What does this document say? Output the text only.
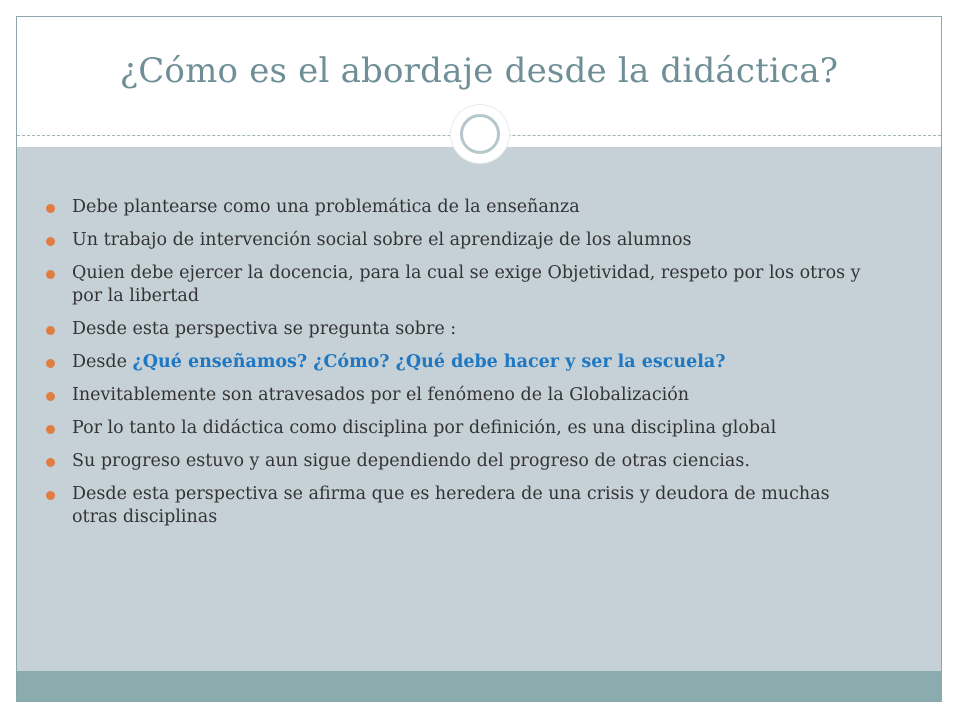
¿Cómo es el abordaje desde la didáctica?
Debe plantearse como una problemática de la enseñanza
Un trabajo de intervención social sobre el aprendizaje de los alumnos
Quien debe ejercer la docencia, para la cual se exige Objetividad, respeto por los otros y por la libertad
Desde esta perspectiva se pregunta sobre :
Desde ¿Qué enseñamos? ¿Cómo? ¿Qué debe hacer y ser la escuela?
Inevitablemente son atravesados por el fenómeno de la Globalización
Por lo tanto la didáctica como disciplina por definición, es una disciplina global
Su progreso estuvo y aun sigue dependiendo del progreso de otras ciencias.
Desde esta perspectiva se afirma que es heredera de una crisis y deudora de muchas otras disciplinas
